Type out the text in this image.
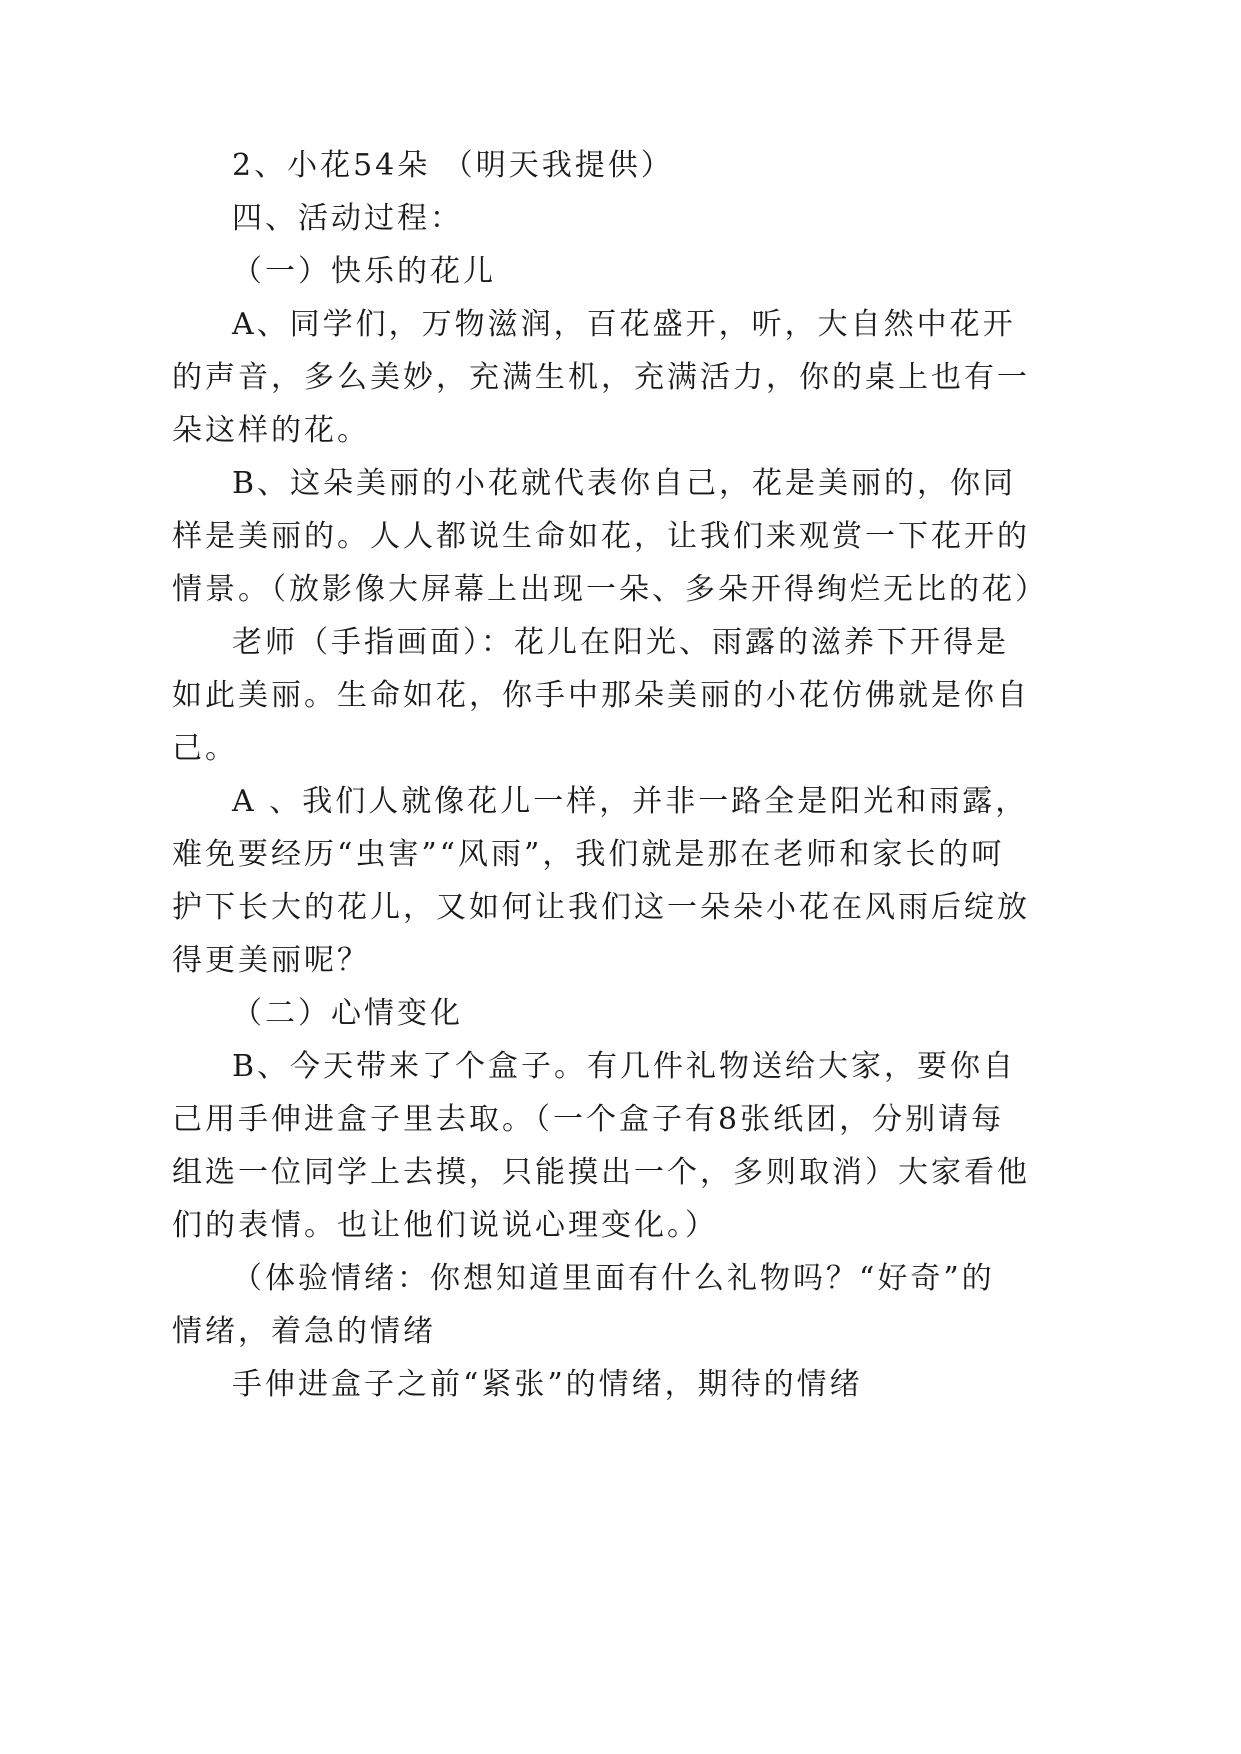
2、小花54朵 （明天我提供）
四、活动过程：
（一）快乐的花儿
A、同学们，万物滋润，百花盛开，听，大自然中花开
的声音，多么美妙，充满生机，充满活力，你的桌上也有一
朵这样的花。
B、这朵美丽的小花就代表你自己，花是美丽的，你同
样是美丽的。人人都说生命如花，让我们来观赏一下花开的
情景。（放影像大屏幕上出现一朵、多朵开得绚烂无比的花）
老师（手指画面）：花儿在阳光、雨露的滋养下开得是
如此美丽。生命如花，你手中那朵美丽的小花仿佛就是你自
己。
A 、我们人就像花儿一样，并非一路全是阳光和雨露，
难免要经历“虫害”“风雨”，我们就是那在老师和家长的呵
护下长大的花儿，又如何让我们这一朵朵小花在风雨后绽放
得更美丽呢？
（二）心情变化
B、今天带来了个盒子。有几件礼物送给大家，要你自
己用手伸进盒子里去取。（一个盒子有8张纸团，分别请每
组选一位同学上去摸，只能摸出一个，多则取消）大家看他
们的表情。也让他们说说心理变化。）
（体验情绪：你想知道里面有什么礼物吗？“好奇”的
情绪，着急的情绪
手伸进盒子之前“紧张”的情绪，期待的情绪
